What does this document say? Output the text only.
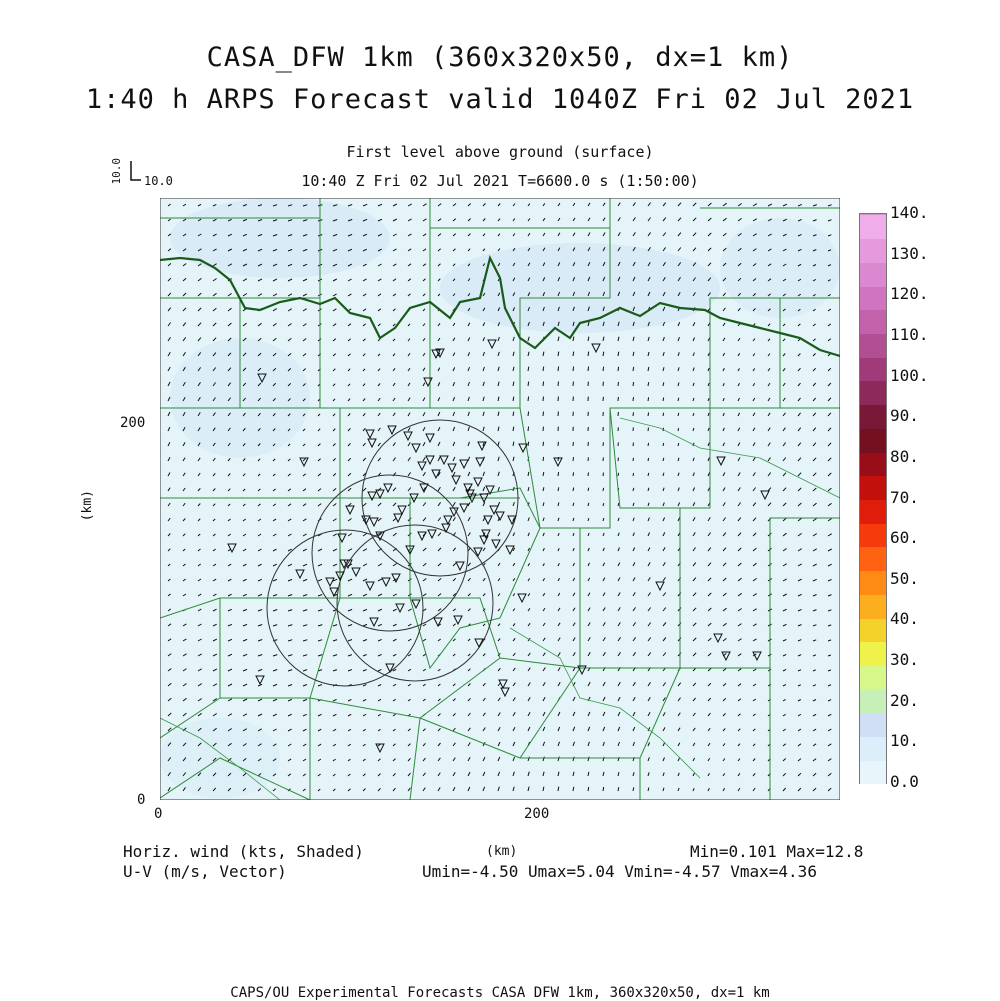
CASA_DFW 1km (360x320x50, dx=1 km)
1:40 h ARPS Forecast valid 1040Z Fri 02 Jul 2021
First level above ground (surface)
10:40 Z Fri 02 Jul 2021 T=6600.0 s (1:50:00)
10.0 10.0
0
200
0	200
(km)
(km)
0.0
10.
20.
30.
40.
50.
60.
70.
80.
90.
100.
110.
120.
130.
140.
Horiz. wind (kts, Shaded)
U-V (m/s, Vector)
Min=0.101 Max=12.8
Umin=-4.50 Umax=5.04 Vmin=-4.57 Vmax=4.36
CAPS/OU Experimental Forecasts CASA DFW 1km, 360x320x50, dx=1 km
